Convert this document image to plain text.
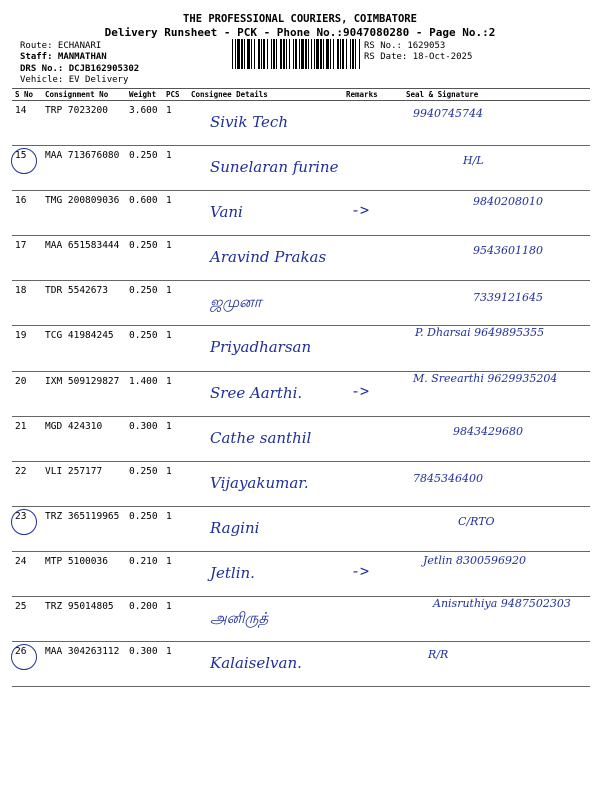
THE PROFESSIONAL COURIERS, COIMBATORE
Delivery Runsheet - PCK - Phone No.:9047080280 - Page No.:2
Route: ECHANARI
Staff: MANMATHAN
DRS No.: DCJB162905302
Vehicle: EV Delivery
RS No.: 1629053
RS Date: 18-Oct-2025
S No	Consignment No	Weight	PCS	Consignee Details	Remarks	Seal & Signature
14	TRP 7023200	3.600	1	Sivik Tech		9940745744

15	MAA 713676080	0.250	1	Sunelaran furine		H/L

16	TMG 200809036	0.600	1	Vani	->	9840208010

17	MAA 651583444	0.250	1	Aravind Prakas		9543601180

18	TDR 5542673	0.250	1	ஜமுனா		7339121645

19	TCG 41984245	0.250	1	Priyadharsan		P. Dharsai 9649895355

20	IXM 509129827	1.400	1	Sree Aarthi.	->	M. Sreearthi 9629935204

21	MGD 424310	0.300	1	Cathe santhil		9843429680

22	VLI 257177	0.250	1	Vijayakumar.		7845346400

23	TRZ 365119965	0.250	1	Ragini		C/RTO

24	MTP 5100036	0.210	1	Jetlin.	->	Jetlin 8300596920

25	TRZ 95014805	0.200	1	அனிருத்		Anisruthiya 9487502303

26	MAA 304263112	0.300	1	Kalaiselvan.		R/R
